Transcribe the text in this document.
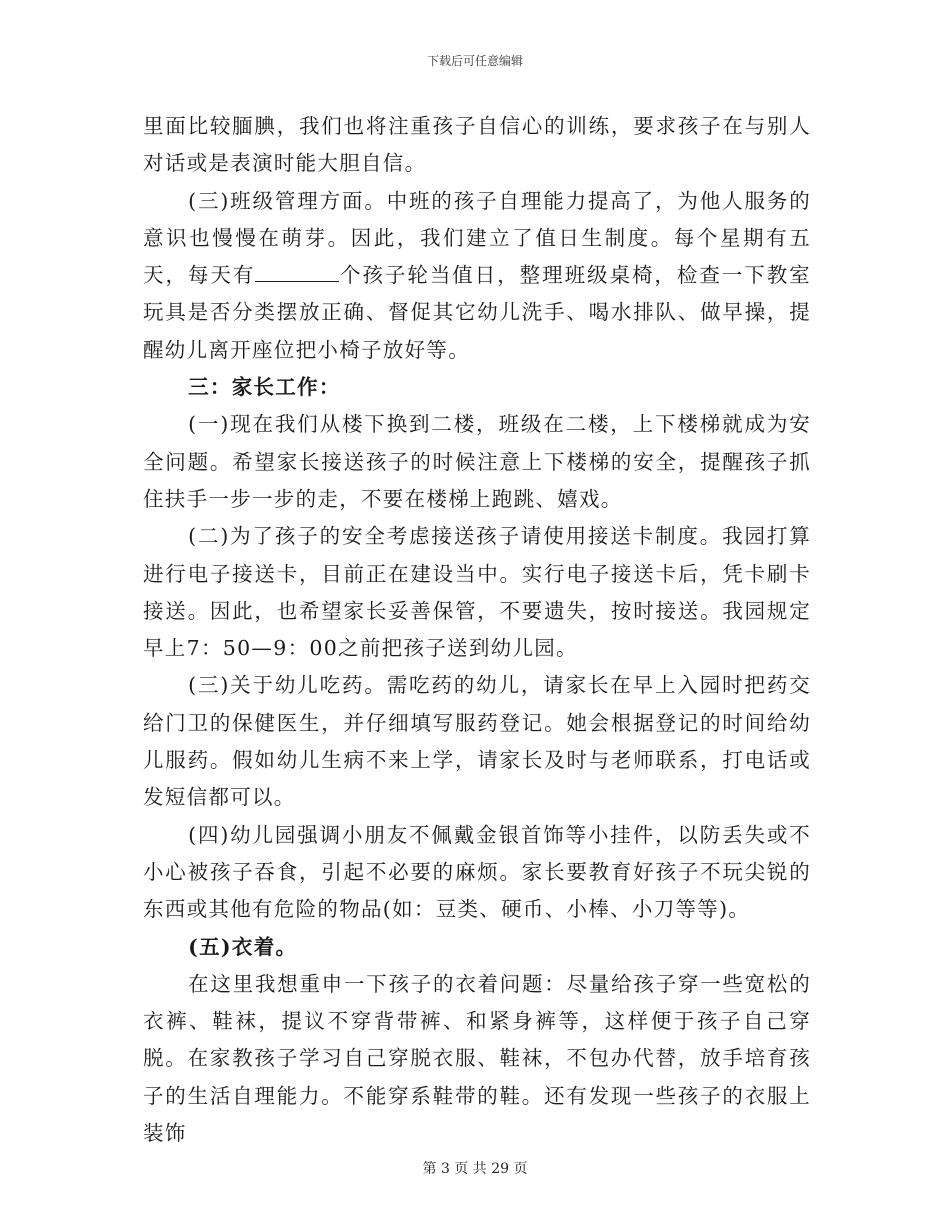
下载后可任意编辑

里面比较腼腆，我们也将注重孩子自信心的训练，要求孩子在与别人对话或是表演时能大胆自信。

(三)班级管理方面。中班的孩子自理能力提高了，为他人服务的意识也慢慢在萌芽。因此，我们建立了值日生制度。每个星期有五天，每天有	个孩子轮当值日，整理班级桌椅，检查一下教室玩具是否分类摆放正确、督促其它幼儿洗手、喝水排队、做早操，提醒幼儿离开座位把小椅子放好等。

三：家长工作：

(一)现在我们从楼下换到二楼，班级在二楼，上下楼梯就成为安全问题。希望家长接送孩子的时候注意上下楼梯的安全，提醒孩子抓住扶手一步一步的走，不要在楼梯上跑跳、嬉戏。

(二)为了孩子的安全考虑接送孩子请使用接送卡制度。我园打算进行电子接送卡，目前正在建设当中。实行电子接送卡后，凭卡刷卡接送。因此，也希望家长妥善保管，不要遗失，按时接送。我园规定早上7：50—9：00之前把孩子送到幼儿园。

(三)关于幼儿吃药。需吃药的幼儿，请家长在早上入园时把药交给门卫的保健医生，并仔细填写服药登记。她会根据登记的时间给幼儿服药。假如幼儿生病不来上学，请家长及时与老师联系，打电话或发短信都可以。

(四)幼儿园强调小朋友不佩戴金银首饰等小挂件，以防丢失或不小心被孩子吞食，引起不必要的麻烦。家长要教育好孩子不玩尖锐的东西或其他有危险的物品(如：豆类、硬币、小棒、小刀等等)。

(五)衣着。

在这里我想重申一下孩子的衣着问题：尽量给孩子穿一些宽松的衣裤、鞋袜，提议不穿背带裤、和紧身裤等，这样便于孩子自己穿脱。在家教孩子学习自己穿脱衣服、鞋袜，不包办代替，放手培育孩子的生活自理能力。不能穿系鞋带的鞋。还有发现一些孩子的衣服上装饰

第 3 页 共 29 页
